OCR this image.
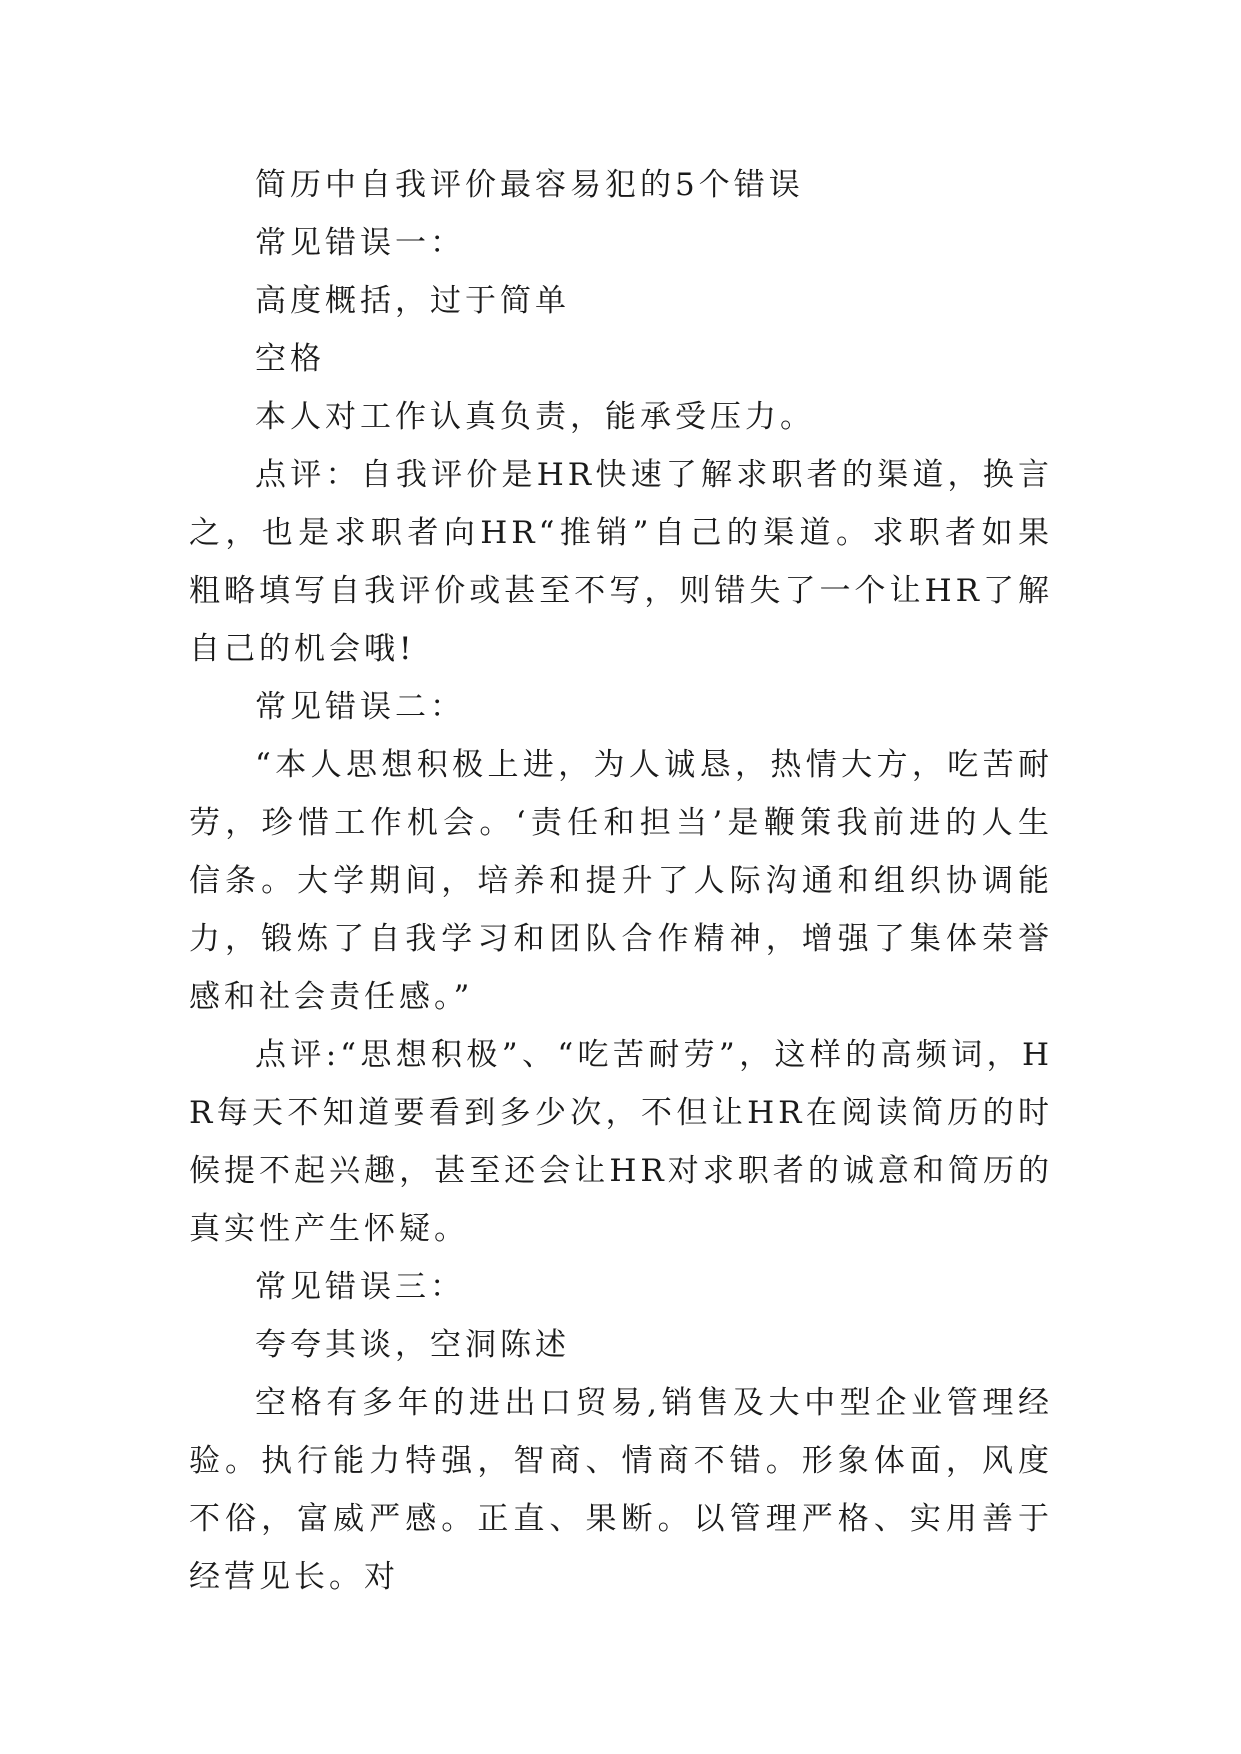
简历中自我评价最容易犯的5个错误

常见错误一：

高度概括，过于简单

空格

本人对工作认真负责，能承受压力。

点评：自我评价是HR快速了解求职者的渠道，换言之，也是求职者向HR“推销”自己的渠道。求职者如果粗略填写自我评价或甚至不写，则错失了一个让HR了解自己的机会哦!

常见错误二：

“本人思想积极上进，为人诚恳，热情大方，吃苦耐劳，珍惜工作机会。‘责任和担当’是鞭策我前进的人生信条。大学期间，培养和提升了人际沟通和组织协调能力，锻炼了自我学习和团队合作精神，增强了集体荣誉感和社会责任感。”

点评:“思想积极”、“吃苦耐劳”，这样的高频词，HR每天不知道要看到多少次，不但让HR在阅读简历的时候提不起兴趣，甚至还会让HR对求职者的诚意和简历的真实性产生怀疑。

常见错误三：

夸夸其谈，空洞陈述

空格有多年的进出口贸易,销售及大中型企业管理经验。执行能力特强，智商、情商不错。形象体面，风度不俗，富威严感。正直、果断。以管理严格、实用善于经营见长。对
